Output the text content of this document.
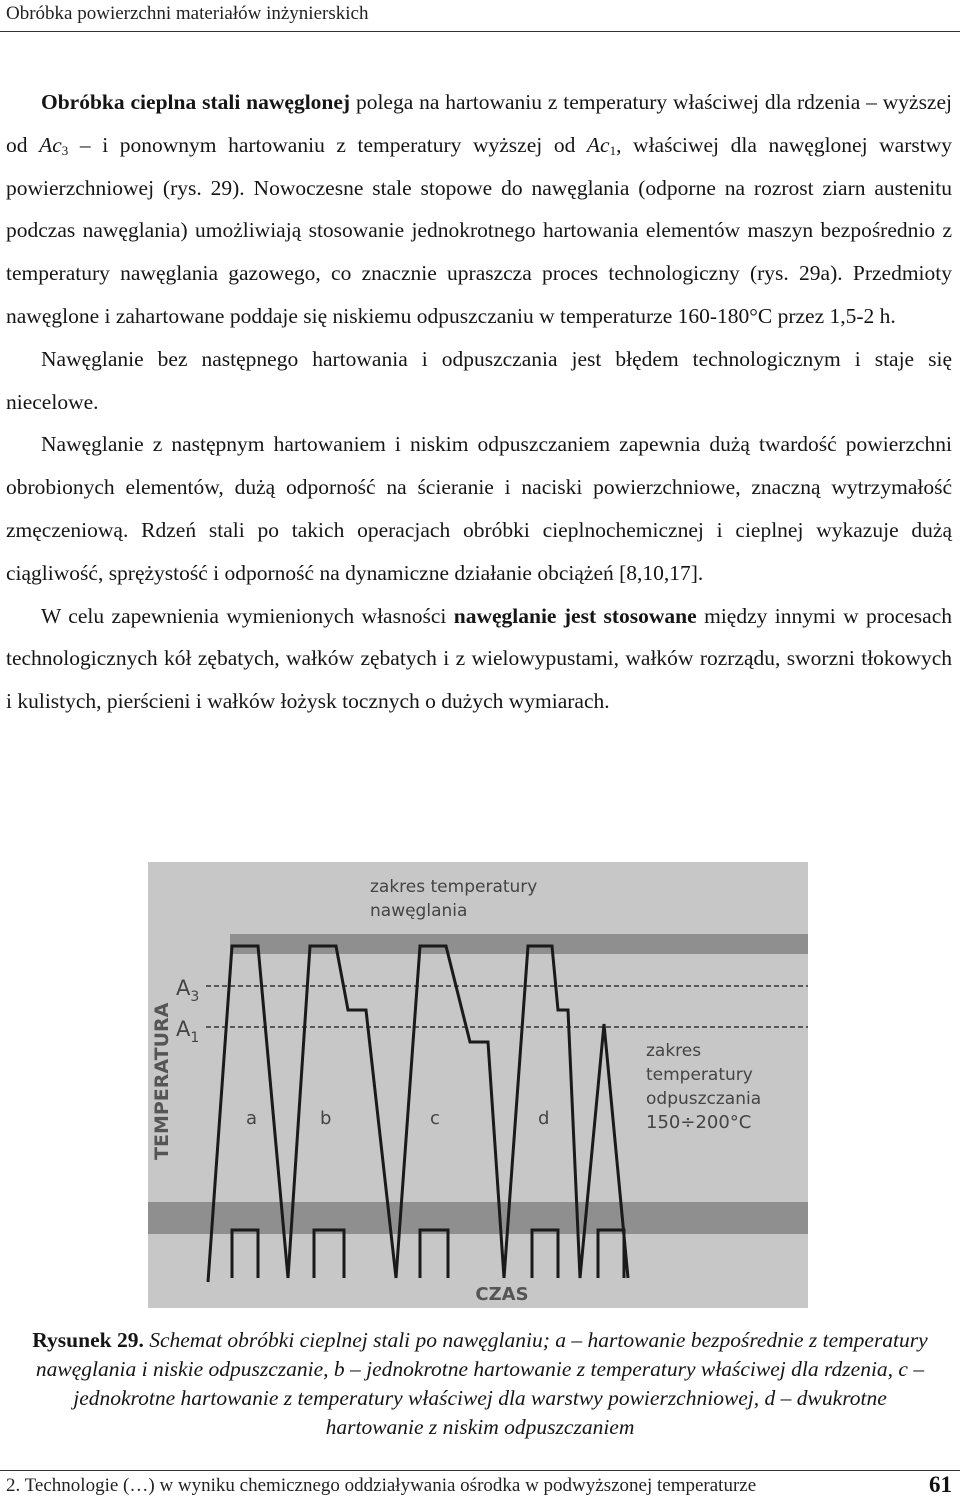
Obróbka powierzchni materiałów inżynierskich

Obróbka cieplna stali nawęglonej polega na hartowaniu z temperatury właściwej dla rdzenia – wyższej od $Ac_3$ – i ponownym hartowaniu z temperatury wyższej od $Ac_1$, właściwej dla nawęglonej warstwy powierzchniowej (rys. 29). Nowoczesne stale stopowe do nawęglania (odporne na rozrost ziarn austenitu podczas nawęglania) umożliwiają stosowanie jednokrotnego hartowania elementów maszyn bezpośrednio z temperatury nawęglania gazowego, co znacznie upraszcza proces technologiczny (rys. 29a). Przedmioty nawęglone i zahartowane poddaje się niskiemu odpuszczaniu w temperaturze 160-180°C przez 1,5-2 h.

Nawęglanie bez następnego hartowania i odpuszczania jest błędem technologicznym i staje się niecelowe.

Nawęglanie z następnym hartowaniem i niskim odpuszczaniem zapewnia dużą twardość powierzchni obrobionych elementów, dużą odporność na ścieranie i naciski powierzchniowe, znaczną wytrzymałość zmęczeniową. Rdzeń stali po takich operacjach obróbki cieplnochemicznej i cieplnej wykazuje dużą ciągliwość, sprężystość i odporność na dynamiczne działanie obciążeń [8,10,17].

W celu zapewnienia wymienionych własności nawęglanie jest stosowane między innymi w procesach technologicznych kół zębatych, wałków zębatych i z wielowypustami, wałków rozrządu, sworzni tłokowych i kulistych, pierścieni i wałków łożysk tocznych o dużych wymiarach.

zakres temperatury nawęglania
$A_3$
$A_1$
zakres temperatury odpuszczania 150÷200°C
a	b	c	d
TEMPERATURA
CZAS
Rysunek 29. Schemat obróbki cieplnej stali po nawęglaniu; a – hartowanie bezpośrednie z temperatury nawęglania i niskie odpuszczanie, b – jednokrotne hartowanie z temperatury właściwej dla rdzenia, c – jednokrotne hartowanie z temperatury właściwej dla warstwy powierzchniowej, d – dwukrotne hartowanie z niskim odpuszczaniem
2. Technologie (…) w wyniku chemicznego oddziaływania ośrodka w podwyższonej temperaturze	61
